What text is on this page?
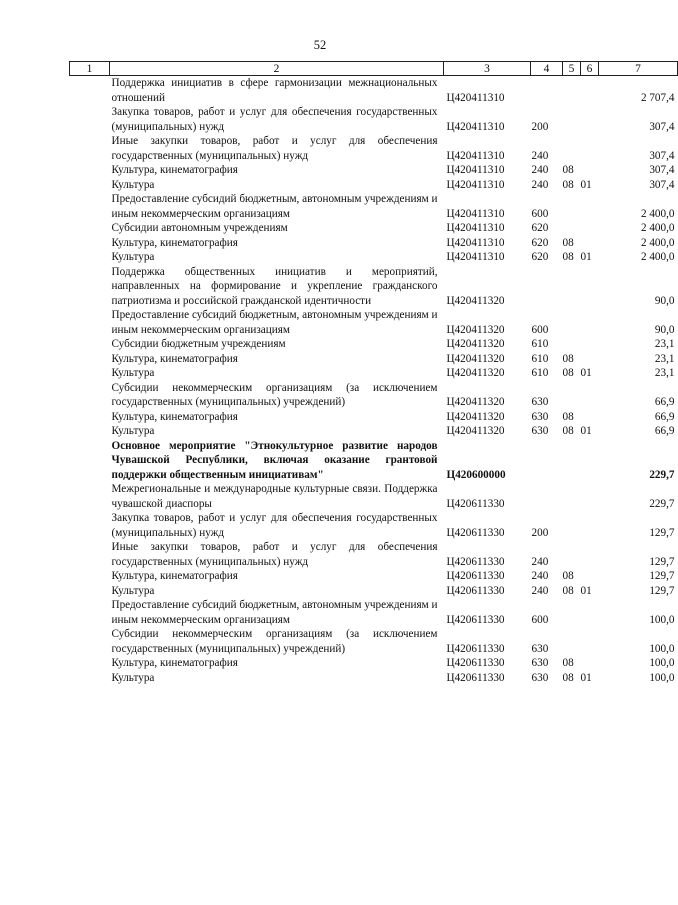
52
1	2	3	4	5	6	7
	Поддержка инициатив в сфере гармонизации межнациональных отношений	Ц420411310				2 707,4
	Закупка товаров, работ и услуг для обеспечения государственных (муниципальных) нужд	Ц420411310	200			307,4
	Иные закупки товаров, работ и услуг для обеспечения государственных (муниципальных) нужд	Ц420411310	240			307,4
	Культура, кинематография	Ц420411310	240	08		307,4
	Культура	Ц420411310	240	08	01	307,4
	Предоставление субсидий бюджетным, автономным учреждениям и иным некоммерческим организациям	Ц420411310	600			2 400,0
	Субсидии автономным учреждениям	Ц420411310	620			2 400,0
	Культура, кинематография	Ц420411310	620	08		2 400,0
	Культура	Ц420411310	620	08	01	2 400,0
	Поддержка общественных инициатив и мероприятий, направленных на формирование и укрепление гражданского патриотизма и российской гражданской идентичности	Ц420411320				90,0
	Предоставление субсидий бюджетным, автономным учреждениям и иным некоммерческим организациям	Ц420411320	600			90,0
	Субсидии бюджетным учреждениям	Ц420411320	610			23,1
	Культура, кинематография	Ц420411320	610	08		23,1
	Культура	Ц420411320	610	08	01	23,1
	Субсидии некоммерческим организациям (за исключением государственных (муниципальных) учреждений)	Ц420411320	630			66,9
	Культура, кинематография	Ц420411320	630	08		66,9
	Культура	Ц420411320	630	08	01	66,9
	Основное мероприятие "Этнокультурное развитие народов Чувашской Республики, включая оказание грантовой поддержки общественным инициативам"	Ц420600000				229,7
	Межрегиональные и международные культурные связи. Поддержка чувашской диаспоры	Ц420611330				229,7
	Закупка товаров, работ и услуг для обеспечения государственных (муниципальных) нужд	Ц420611330	200			129,7
	Иные закупки товаров, работ и услуг для обеспечения государственных (муниципальных) нужд	Ц420611330	240			129,7
	Культура, кинематография	Ц420611330	240	08		129,7
	Культура	Ц420611330	240	08	01	129,7
	Предоставление субсидий бюджетным, автономным учреждениям и иным некоммерческим организациям	Ц420611330	600			100,0
	Субсидии некоммерческим организациям (за исключением государственных (муниципальных) учреждений)	Ц420611330	630			100,0
	Культура, кинематография	Ц420611330	630	08		100,0
	Культура	Ц420611330	630	08	01	100,0
